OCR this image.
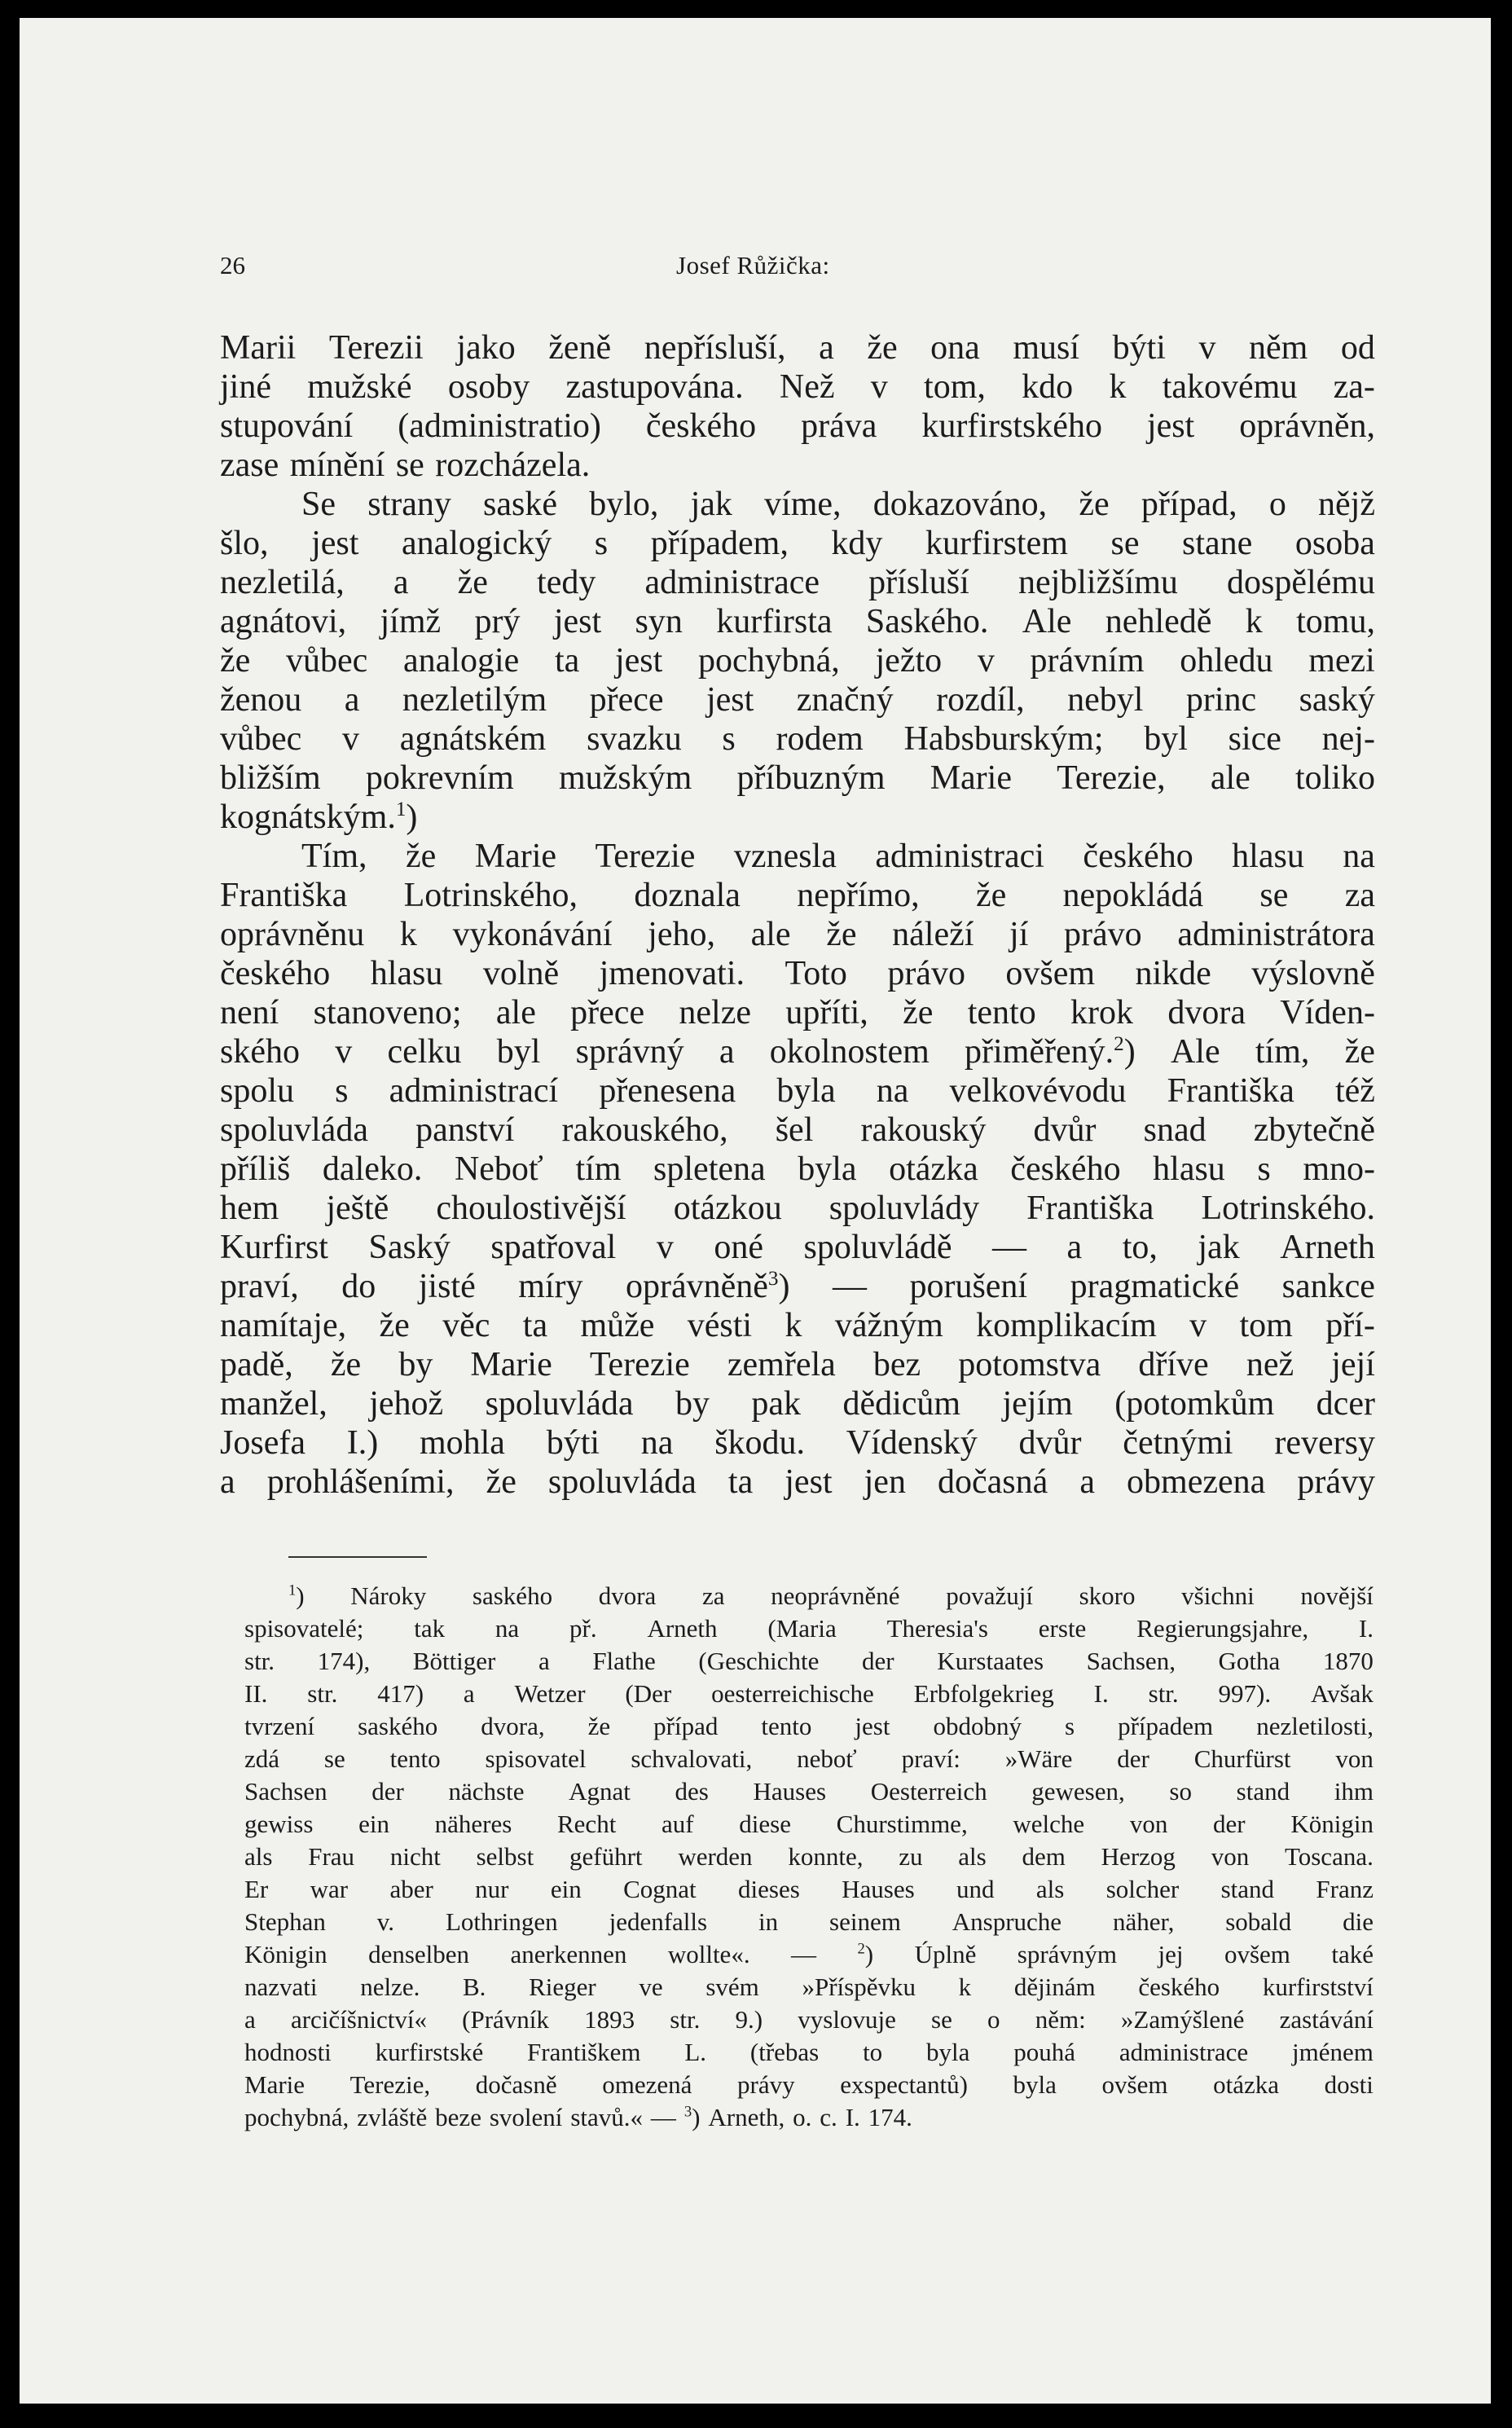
26	Josef Růžička:
Marii Terezii jako ženě nepřísluší, a že ona musí býti v něm od
jiné mužské osoby zastupována. Než v tom, kdo k takovému za-
stupování (administratio) českého práva kurfirstského jest oprávněn,
zase mínění se rozcházela.
Se strany saské bylo, jak víme, dokazováno, že případ, o nějž
šlo, jest analogický s případem, kdy kurfirstem se stane osoba
nezletilá, a že tedy administrace přísluší nejbližšímu dospělému
agnátovi, jímž prý jest syn kurfirsta Saského. Ale nehledě k tomu,
že vůbec analogie ta jest pochybná, ježto v právním ohledu mezi
ženou a nezletilým přece jest značný rozdíl, nebyl princ saský
vůbec v agnátském svazku s rodem Habsburským; byl sice nej-
bližším pokrevním mužským příbuzným Marie Terezie, ale toliko
kognátským.$^1$)
Tím, že Marie Terezie vznesla administraci českého hlasu na
Františka Lotrinského, doznala nepřímo, že nepokládá se za
oprávněnu k vykonávání jeho, ale že náleží jí právo administrátora
českého hlasu volně jmenovati. Toto právo ovšem nikde výslovně
není stanoveno; ale přece nelze upříti, že tento krok dvora Víden-
ského v celku byl správný a okolnostem přiměřený.$^2$) Ale tím, že
spolu s administrací přenesena byla na velkovévodu Františka též
spoluvláda panství rakouského, šel rakouský dvůr snad zbytečně
příliš daleko. Neboť tím spletena byla otázka českého hlasu s mno-
hem ještě choulostivější otázkou spoluvlády Františka Lotrinského.
Kurfirst Saský spatřoval v oné spoluvládě — a to, jak Arneth
praví, do jisté míry oprávněně$^3$) — porušení pragmatické sankce
namítaje, že věc ta může vésti k vážným komplikacím v tom pří-
padě, že by Marie Terezie zemřela bez potomstva dříve než její
manžel, jehož spoluvláda by pak dědicům jejím (potomkům dcer
Josefa I.) mohla býti na škodu. Vídenský dvůr četnými reversy
a prohlášeními, že spoluvláda ta jest jen dočasná a obmezena právy
$^1$) Nároky saského dvora za neoprávněné považují skoro všichni novější
spisovatelé; tak na př. Arneth (Maria Theresia's erste Regierungsjahre, I.
str. 174), Böttiger a Flathe (Geschichte der Kurstaates Sachsen, Gotha 1870
II. str. 417) a Wetzer (Der oesterreichische Erbfolgekrieg I. str. 997). Avšak
tvrzení saského dvora, že případ tento jest obdobný s případem nezletilosti,
zdá se tento spisovatel schvalovati, neboť praví: »Wäre der Churfürst von
Sachsen der nächste Agnat des Hauses Oesterreich gewesen, so stand ihm
gewiss ein näheres Recht auf diese Churstimme, welche von der Königin
als Frau nicht selbst geführt werden konnte, zu als dem Herzog von Toscana.
Er war aber nur ein Cognat dieses Hauses und als solcher stand Franz
Stephan v. Lothringen jedenfalls in seinem Anspruche näher, sobald die
Königin denselben anerkennen wollte«. —	$^2$) Úplně správným jej ovšem také
nazvati nelze. B. Rieger ve svém »Příspěvku k dějinám českého kurfirstství
a arcičíšnictví« (Právník 1893 str. 9.) vyslovuje se o něm: »Zamýšlené zastávání
hodnosti kurfirstské Františkem L. (třebas to byla pouhá administrace jménem
Marie Terezie, dočasně omezená právy exspectantů) byla ovšem otázka dosti
pochybná, zvláště beze svolení stavů.« — $^3$) Arneth, o. c. I. 174.
